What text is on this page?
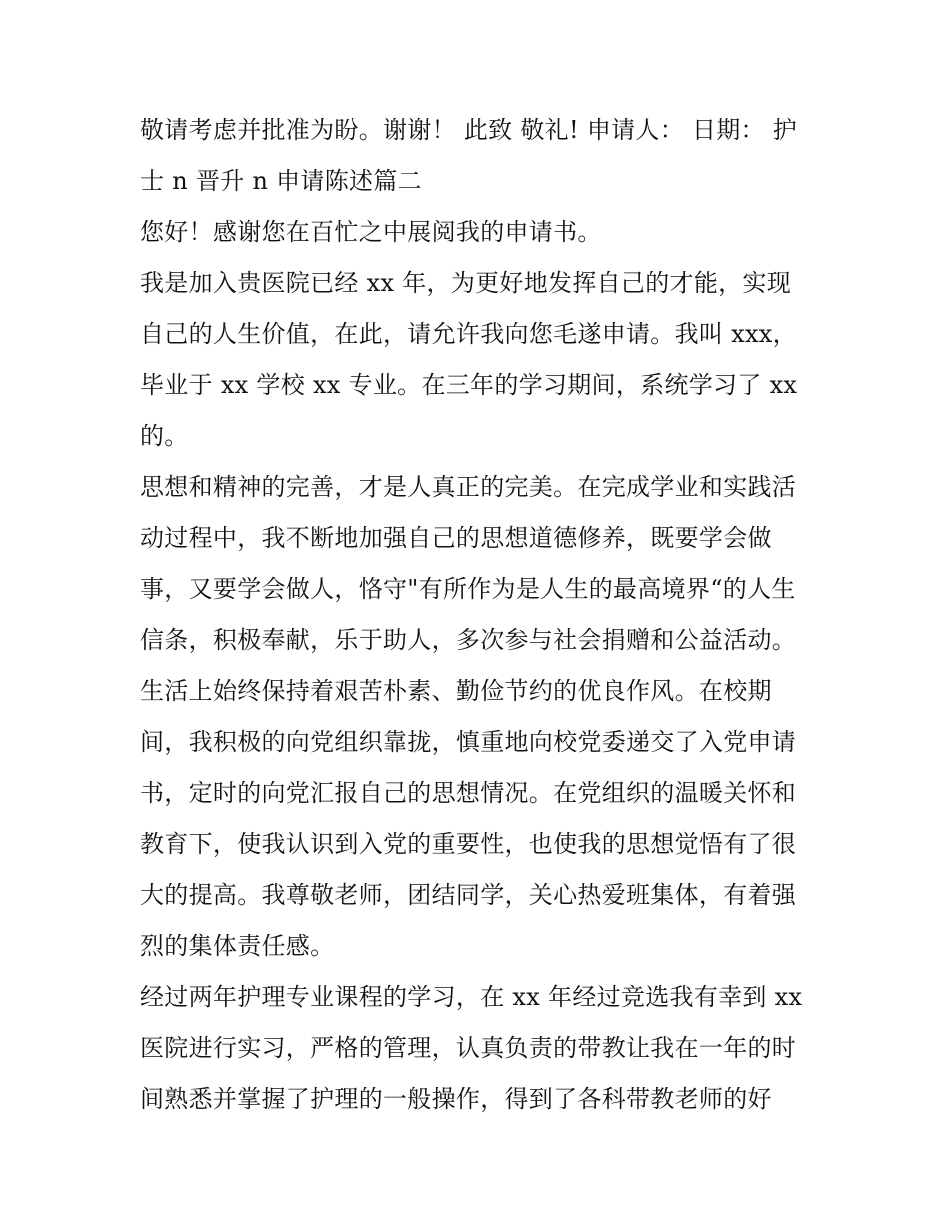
敬请考虑并批准为盼。谢谢！ 此致 敬礼! 申请人： 日期： 护
士 n 晋升 n 申请陈述篇二
您好！感谢您在百忙之中展阅我的申请书。
我是加入贵医院已经 xx 年，为更好地发挥自己的才能，实现
自己的人生价值，在此，请允许我向您毛遂申请。我叫 xxx，
毕业于 xx 学校 xx 专业。在三年的学习期间，系统学习了 xx
的。
思想和精神的完善，才是人真正的完美。在完成学业和实践活
动过程中，我不断地加强自己的思想道德修养，既要学会做
事，又要学会做人，恪守"有所作为是人生的最高境界“的人生
信条，积极奉献，乐于助人，多次参与社会捐赠和公益活动。
生活上始终保持着艰苦朴素、勤俭节约的优良作风。在校期
间，我积极的向党组织靠拢，慎重地向校党委递交了入党申请
书，定时的向党汇报自己的思想情况。在党组织的温暖关怀和
教育下，使我认识到入党的重要性，也使我的思想觉悟有了很
大的提高。我尊敬老师，团结同学，关心热爱班集体，有着强
烈的集体责任感。
经过两年护理专业课程的学习，在 xx 年经过竞选我有幸到 xx
医院进行实习，严格的管理，认真负责的带教让我在一年的时
间熟悉并掌握了护理的一般操作，得到了各科带教老师的好
